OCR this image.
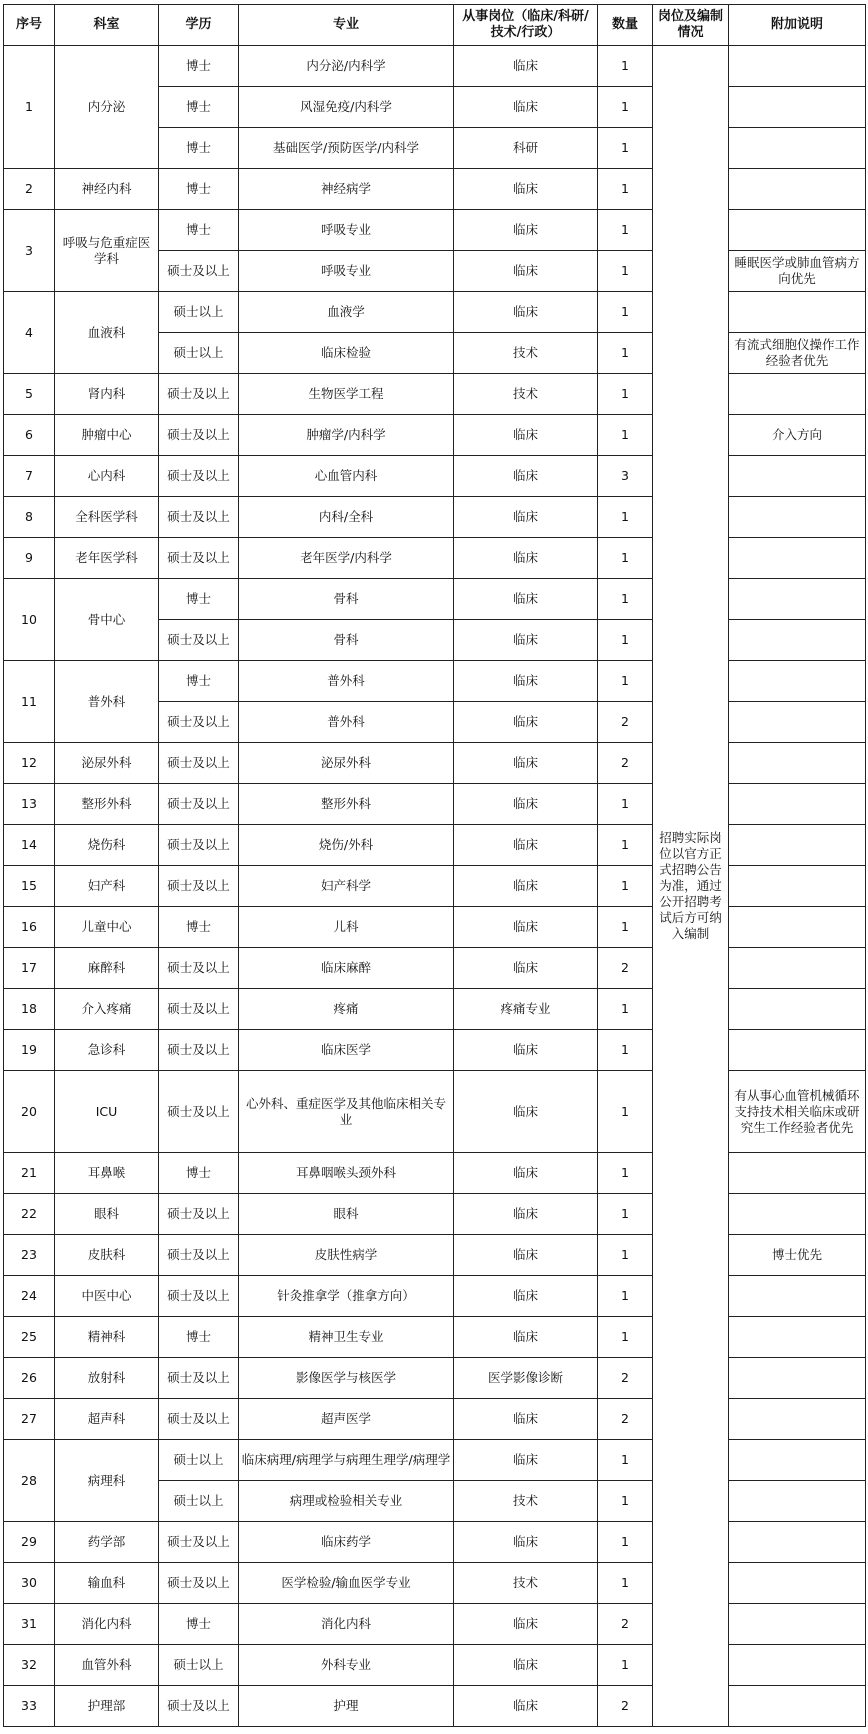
序号	科室	学历	专业	从事岗位（临床/科研/技术/行政）	数量	岗位及编制情况	附加说明
1	内分泌	博士	内分泌/内科学	临床	1	招聘实际岗位以官方正式招聘公告为准，通过公开招聘考试后方可纳入编制	
		博士	风湿免疫/内科学	临床	1		
		博士	基础医学/预防医学/内科学	科研	1		
2	神经内科	博士	神经病学	临床	1		
3	呼吸与危重症医学科	博士	呼吸专业	临床	1		
		硕士及以上	呼吸专业	临床	1		睡眠医学或肺血管病方向优先
4	血液科	硕士以上	血液学	临床	1		
		硕士以上	临床检验	技术	1		有流式细胞仪操作工作经验者优先
5	肾内科	硕士及以上	生物医学工程	技术	1		
6	肿瘤中心	硕士及以上	肿瘤学/内科学	临床	1		介入方向
7	心内科	硕士及以上	心血管内科	临床	3		
8	全科医学科	硕士及以上	内科/全科	临床	1		
9	老年医学科	硕士及以上	老年医学/内科学	临床	1		
10	骨中心	博士	骨科	临床	1		
		硕士及以上	骨科	临床	1		
11	普外科	博士	普外科	临床	1		
		硕士及以上	普外科	临床	2		
12	泌尿外科	硕士及以上	泌尿外科	临床	2		
13	整形外科	硕士及以上	整形外科	临床	1		
14	烧伤科	硕士及以上	烧伤/外科	临床	1		
15	妇产科	硕士及以上	妇产科学	临床	1		
16	儿童中心	博士	儿科	临床	1		
17	麻醉科	硕士及以上	临床麻醉	临床	2		
18	介入疼痛	硕士及以上	疼痛	疼痛专业	1		
19	急诊科	硕士及以上	临床医学	临床	1		
20	ICU	硕士及以上	心外科、重症医学及其他临床相关专业	临床	1		有从事心血管机械循环支持技术相关临床或研究生工作经验者优先
21	耳鼻喉	博士	耳鼻咽喉头颈外科	临床	1		
22	眼科	硕士及以上	眼科	临床	1		
23	皮肤科	硕士及以上	皮肤性病学	临床	1		博士优先
24	中医中心	硕士及以上	针灸推拿学（推拿方向）	临床	1		
25	精神科	博士	精神卫生专业	临床	1		
26	放射科	硕士及以上	影像医学与核医学	医学影像诊断	2		
27	超声科	硕士及以上	超声医学	临床	2		
28	病理科	硕士以上	临床病理/病理学与病理生理学/病理学	临床	1		
		硕士以上	病理或检验相关专业	技术	1		
29	药学部	硕士及以上	临床药学	临床	1		
30	输血科	硕士及以上	医学检验/输血医学专业	技术	1		
31	消化内科	博士	消化内科	临床	2		
32	血管外科	硕士以上	外科专业	临床	1		
33	护理部	硕士及以上	护理	临床	2		
